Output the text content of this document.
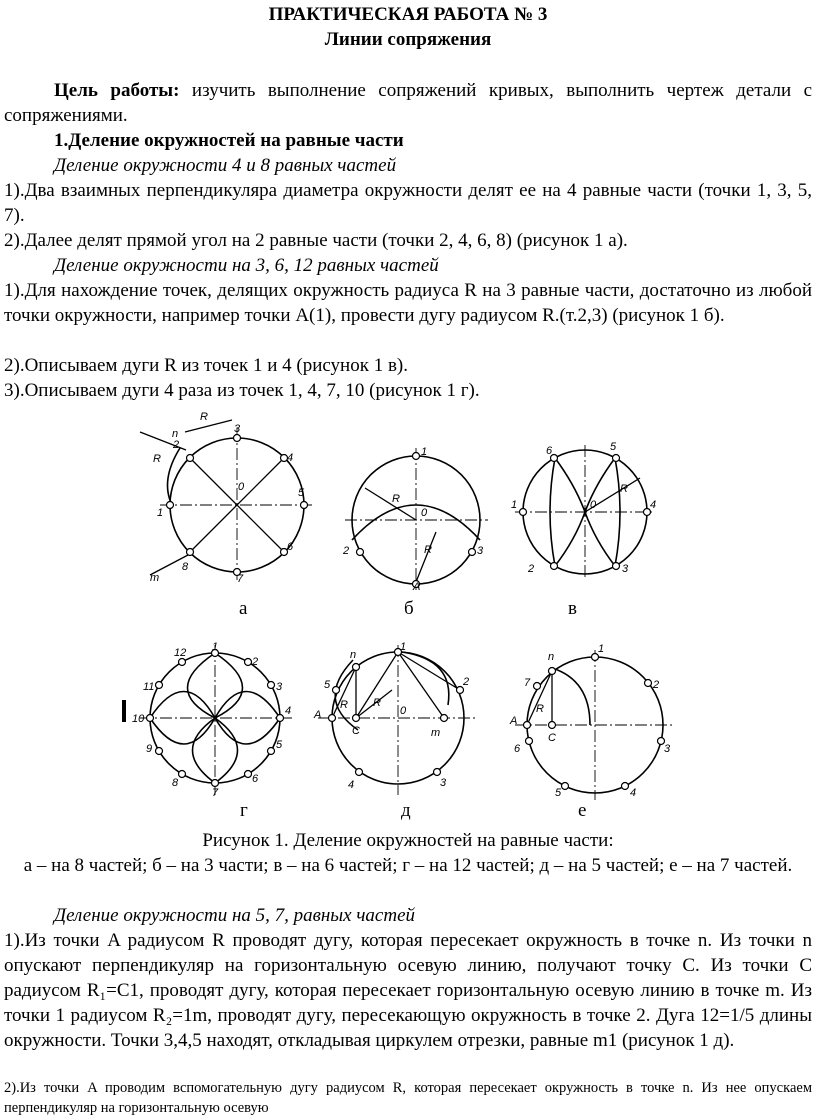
ПРАКТИЧЕСКАЯ РАБОТА № 3
Линии сопряжения
Цель работы: изучить выполнение сопряжений кривых, выполнить чертеж детали с сопряжениями.
1.Деление окружностей на равные части
Деление окружности 4 и 8 равных частей
1).Два взаимных перпендикуляра диаметра окружности делят ее на 4 равные части (точки 1, 3, 5, 7).
2).Далее делят прямой угол на 2 равные части (точки 2, 4, 6, 8) (рисунок 1 а).
Деление окружности на 3, 6, 12 равных частей
1).Для нахождение точек, делящих окружность радиуса R на 3 равные части, достаточно из любой точки окружности, например точки A(1), провести дугу радиусом R.(т.2,3) (рисунок 1 б).
2).Описываем дуги R из точек 1 и 4 (рисунок 1 в).
3).Описываем дуги 4 раза из точек 1, 4, 7, 10 (рисунок 1 г).
1
2
3
4
5
6
7
8
0
n
m
R
R
1
2	3
0
A
R
R
1
2	3
4
5
6
0
R
а	б	в
1
2
3
4
5
6
7
8
9
10
11
12	n
1
2
3
4
5
A
C
0
m
R R
n
1
2
3
4
5
6
7
A
C
R
г	д	е
Рисунок 1. Деление окружностей на равные части:
а – на 8 частей; б – на 3 части; в – на 6 частей; г – на 12 частей; д – на 5 частей; е – на 7 частей.
Деление окружности на 5, 7, равных частей
1).Из точки A радиусом R проводят дугу, которая пересекает окружность в точке n. Из точки n опускают перпендикуляр на горизонтальную осевую линию, получают точку C. Из точки C радиусом R₁=C1, проводят дугу, которая пересекает горизонтальную осевую линию в точке m. Из точки 1 радиусом R₂=1m, проводят дугу, пересекающую окружность в точке 2. Дуга 12=1/5 длины окружности. Точки 3,4,5 находят, откладывая циркулем отрезки, равные m1 (рисунок 1 д).
2).Из точки A проводим вспомогательную дугу радиусом R, которая пересекает окружность в точке n. Из нее опускаем перпендикуляр на горизонтальную осевую
